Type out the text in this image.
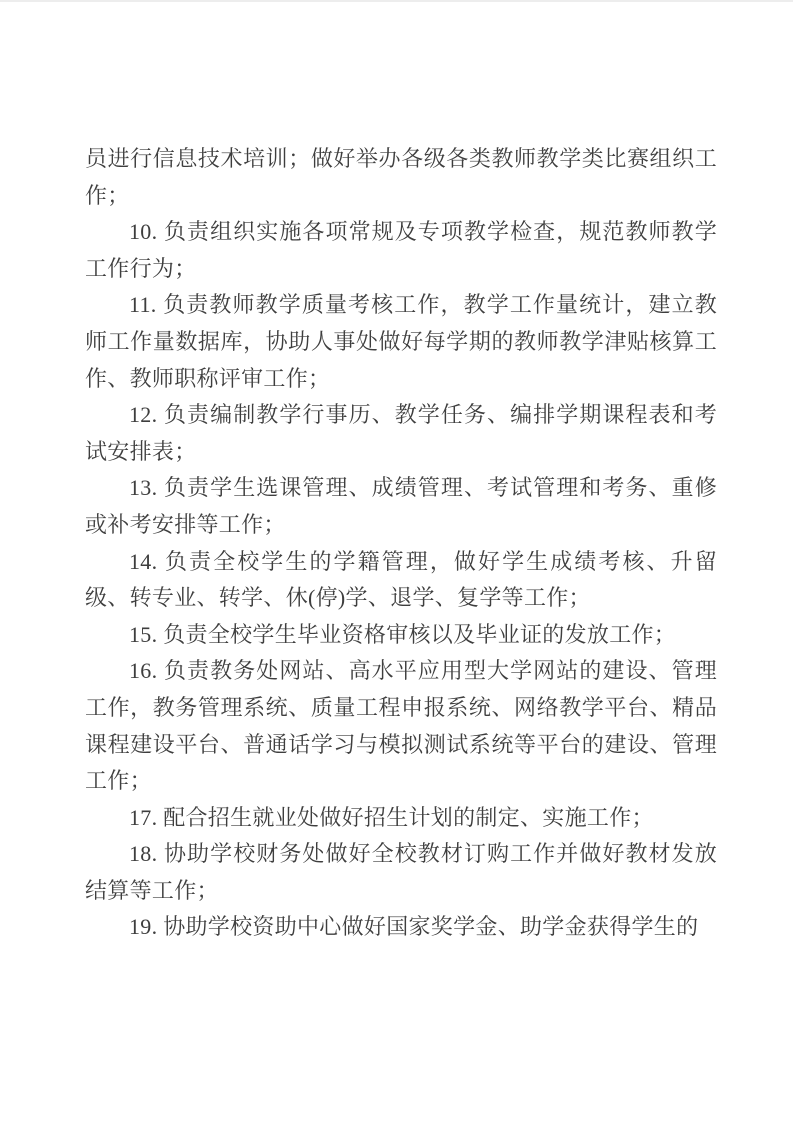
员进行信息技术培训；做好举办各级各类教师教学类比赛组织工作；

10. 负责组织实施各项常规及专项教学检查，规范教师教学工作行为；

11. 负责教师教学质量考核工作，教学工作量统计，建立教师工作量数据库，协助人事处做好每学期的教师教学津贴核算工作、教师职称评审工作；

12. 负责编制教学行事历、教学任务、编排学期课程表和考试安排表；

13. 负责学生选课管理、成绩管理、考试管理和考务、重修或补考安排等工作；

14. 负责全校学生的学籍管理，做好学生成绩考核、升留级、转专业、转学、休(停)学、退学、复学等工作；

15. 负责全校学生毕业资格审核以及毕业证的发放工作；

16. 负责教务处网站、高水平应用型大学网站的建设、管理工作，教务管理系统、质量工程申报系统、网络教学平台、精品课程建设平台、普通话学习与模拟测试系统等平台的建设、管理工作；

17. 配合招生就业处做好招生计划的制定、实施工作；

18. 协助学校财务处做好全校教材订购工作并做好教材发放结算等工作；

19. 协助学校资助中心做好国家奖学金、助学金获得学生的
